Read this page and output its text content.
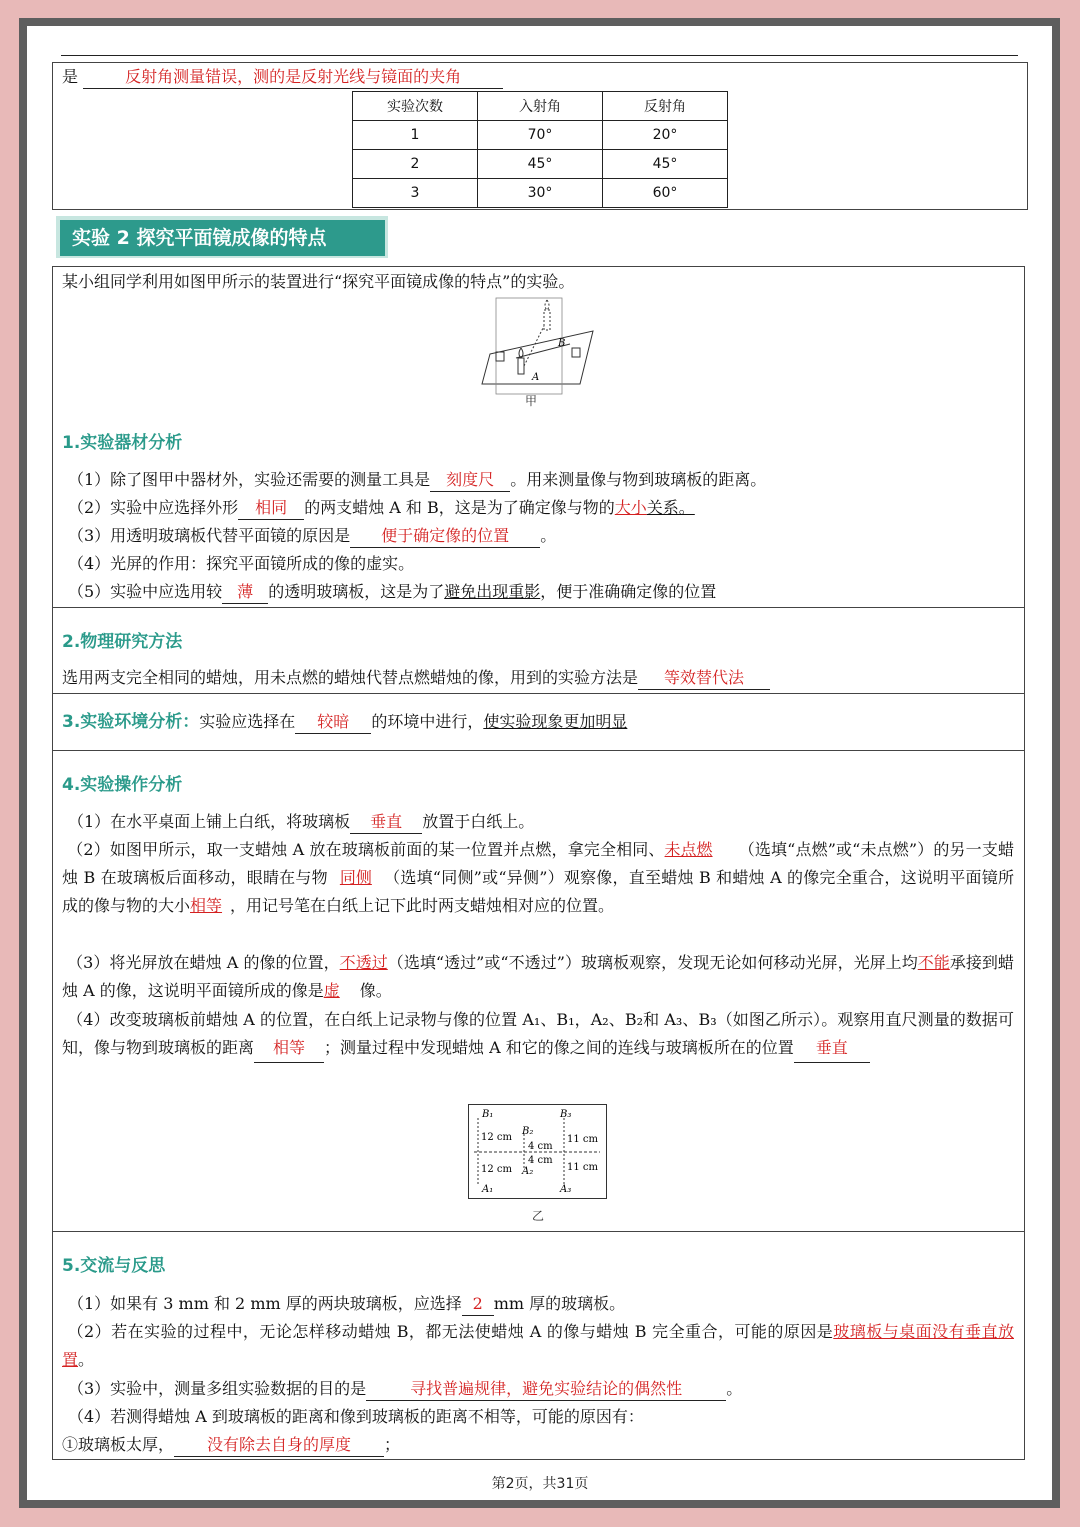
是	反射角测量错误，测的是反射光线与镜面的夹角
实验次数	入射角	反射角
1	70°	20°
2	45°	45°
3	30°	60°
实验 2 探究平面镜成像的特点
某小组同学利用如图甲所示的装置进行“探究平面镜成像的特点”的实验。
B
A
甲
1.实验器材分析
（1）除了图甲中器材外，实验还需要的测量工具是 刻度尺 。用来测量像与物到玻璃板的距离。
（2）实验中应选择外形 相同 的两支蜡烛 A 和 B，这是为了确定像与物的大小关系。
（3）用透明玻璃板代替平面镜的原因是 便于确定像的位置 。
（4）光屏的作用：探究平面镜所成的像的虚实。
（5）实验中应选用较 薄 的透明玻璃板，这是为了避免出现重影，便于准确确定像的位置
2.物理研究方法
选用两支完全相同的蜡烛，用未点燃的蜡烛代替点燃蜡烛的像，用到的实验方法是 等效替代法
3.实验环境分析：实验应选择在 较暗 的环境中进行，使实验现象更加明显
4.实验操作分析
（1）在水平桌面上铺上白纸，将玻璃板 垂直 放置于白纸上。
（2）如图甲所示，取一支蜡烛 A 放在玻璃板前面的某一位置并点燃，拿完全相同、未点燃 （选填“点燃”或“未点燃”）的另一支蜡烛 B 在玻璃板后面移动，眼睛在与物 同侧 （选填“同侧”或“异侧”）观察像，直至蜡烛 B 和蜡烛 A 的像完全重合，这说明平面镜所成的像与物的大小相等 ，用记号笔在白纸上记下此时两支蜡烛相对应的位置。
（3）将光屏放在蜡烛 A 的像的位置，不透过（选填“透过”或“不透过”）玻璃板观察，发现无论如何移动光屏，光屏上均不能承接到蜡烛 A 的像，这说明平面镜所成的像是虚 像。
（4）改变玻璃板前蜡烛 A 的位置，在白纸上记录物与像的位置 A₁、B₁，A₂、B₂和 A₃、B₃（如图乙所示）。观察用直尺测量的数据可知，像与物到玻璃板的距离 相等 ；测量过程中发现蜡烛 A 和它的像之间的连线与玻璃板所在的位置 垂直
B₁
12 cm
12 cm
A₁
B₂
4 cm
4 cm
A₂
B₃
11 cm
11 cm
A₃
乙
5.交流与反思
（1）如果有 3 mm 和 2 mm 厚的两块玻璃板，应选择 2 mm 厚的玻璃板。
（2）若在实验的过程中，无论怎样移动蜡烛 B，都无法使蜡烛 A 的像与蜡烛 B 完全重合，可能的原因是玻璃板与桌面没有垂直放置。
（3）实验中，测量多组实验数据的目的是	寻找普遍规律，避免实验结论的偶然性	。
（4）若测得蜡烛 A 到玻璃板的距离和像到玻璃板的距离不相等，可能的原因有：
①玻璃板太厚， 没有除去自身的厚度 ；
第2页，共31页
